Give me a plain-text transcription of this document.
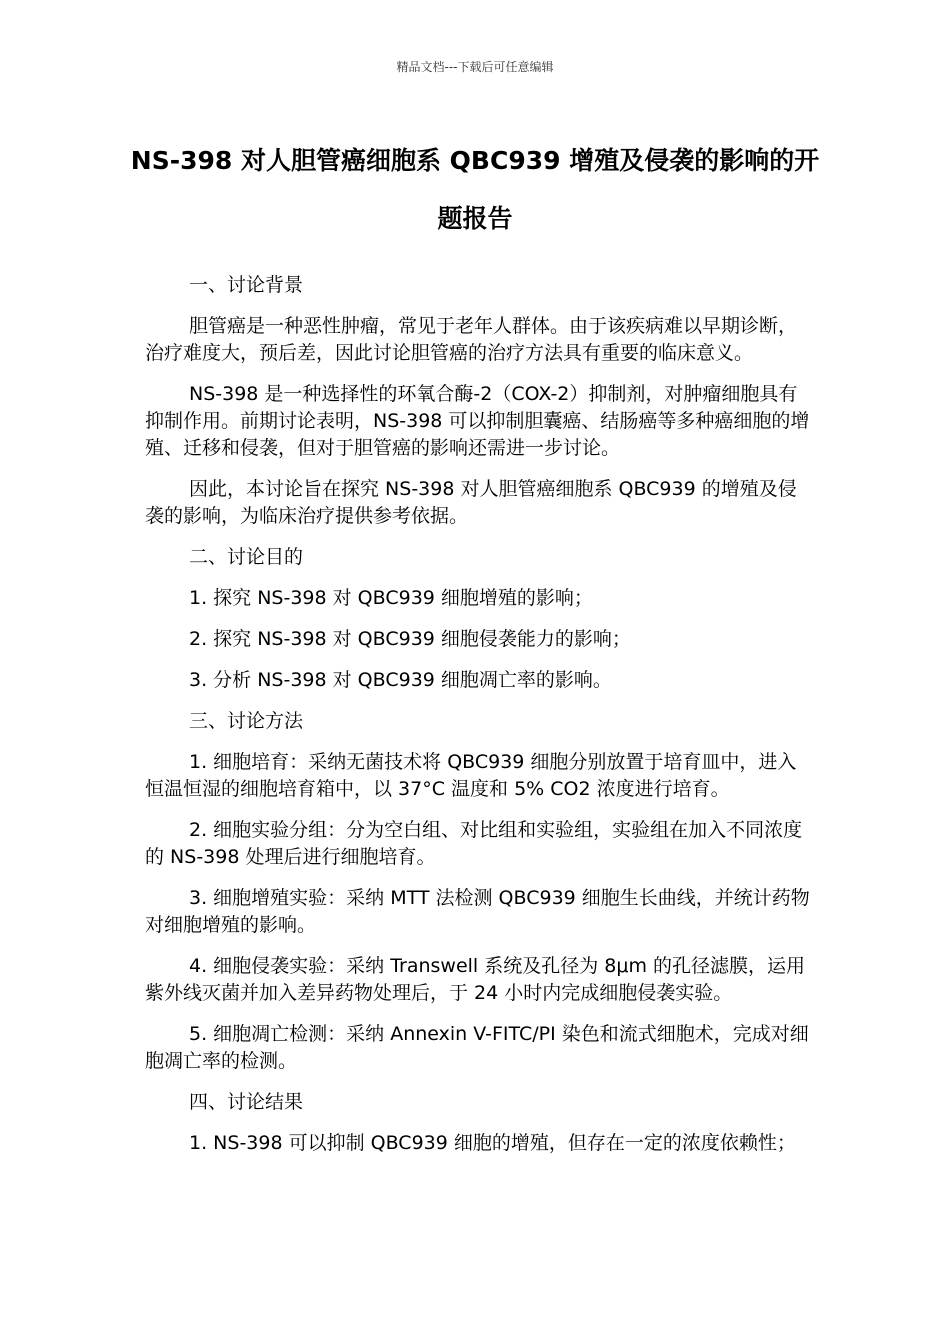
精品文档---下载后可任意编辑
NS-398 对人胆管癌细胞系 QBC939 增殖及侵袭的影响的开题报告

一、讨论背景

胆管癌是一种恶性肿瘤，常见于老年人群体。由于该疾病难以早期诊断，治疗难度大，预后差，因此讨论胆管癌的治疗方法具有重要的临床意义。

NS-398 是一种选择性的环氧合酶-2（COX-2）抑制剂，对肿瘤细胞具有抑制作用。前期讨论表明，NS-398 可以抑制胆囊癌、结肠癌等多种癌细胞的增殖、迁移和侵袭，但对于胆管癌的影响还需进一步讨论。

因此，本讨论旨在探究 NS-398 对人胆管癌细胞系 QBC939 的增殖及侵袭的影响，为临床治疗提供参考依据。

二、讨论目的

1. 探究 NS-398 对 QBC939 细胞增殖的影响；

2. 探究 NS-398 对 QBC939 细胞侵袭能力的影响；

3. 分析 NS-398 对 QBC939 细胞凋亡率的影响。

三、讨论方法

1. 细胞培育：采纳无菌技术将 QBC939 细胞分别放置于培育皿中，进入恒温恒湿的细胞培育箱中，以 37°C 温度和 5% CO2 浓度进行培育。

2. 细胞实验分组：分为空白组、对比组和实验组，实验组在加入不同浓度的 NS-398 处理后进行细胞培育。

3. 细胞增殖实验：采纳 MTT 法检测 QBC939 细胞生长曲线，并统计药物对细胞增殖的影响。

4. 细胞侵袭实验：采纳 Transwell 系统及孔径为 8μm 的孔径滤膜，运用紫外线灭菌并加入差异药物处理后，于 24 小时内完成细胞侵袭实验。

5. 细胞凋亡检测：采纳 Annexin V-FITC/PI 染色和流式细胞术，完成对细胞凋亡率的检测。

四、讨论结果

1. NS-398 可以抑制 QBC939 细胞的增殖，但存在一定的浓度依赖性；
